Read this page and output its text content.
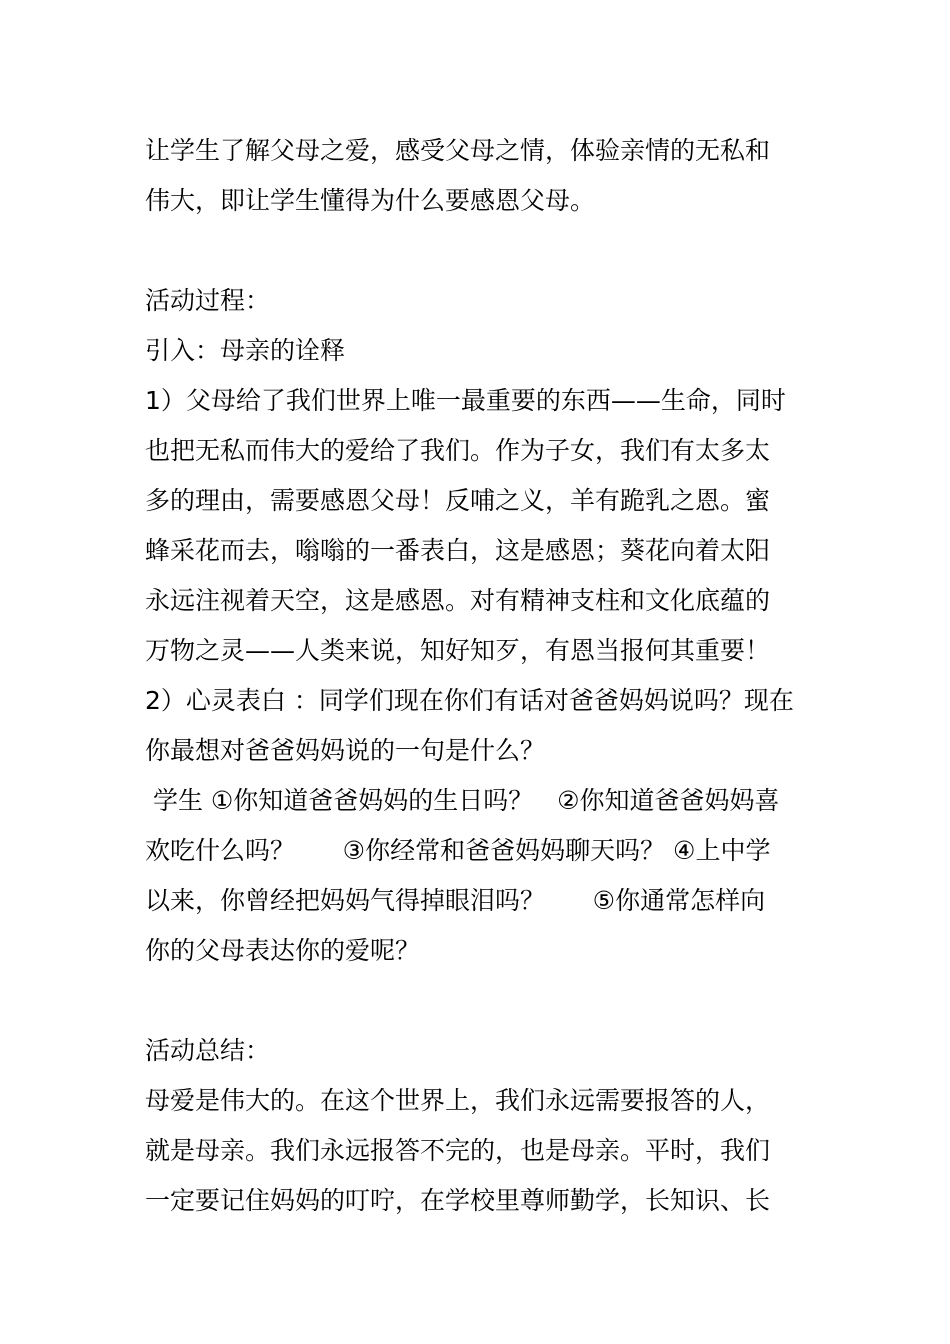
让学生了解父母之爱，感受父母之情，体验亲情的无私和
伟大，即让学生懂得为什么要感恩父母。
活动过程：
引入：母亲的诠释
1）父母给了我们世界上唯一最重要的东西——生命，同时
也把无私而伟大的爱给了我们。作为子女，我们有太多太
多的理由，需要感恩父母！反哺之义，羊有跪乳之恩。蜜
蜂采花而去，嗡嗡的一番表白，这是感恩；葵花向着太阳
永远注视着天空，这是感恩。对有精神支柱和文化底蕴的
万物之灵——人类来说，知好知歹，有恩当报何其重要！
2）心灵表白 ：同学们现在你们有话对爸爸妈妈说吗？现在
你最想对爸爸妈妈说的一句是什么？
学生 ①你知道爸爸妈妈的生日吗？   ②你知道爸爸妈妈喜
欢吃什么吗？      ③你经常和爸爸妈妈聊天吗？ ④上中学
以来，你曾经把妈妈气得掉眼泪吗？      ⑤你通常怎样向
你的父母表达你的爱呢？
活动总结：
母爱是伟大的。在这个世界上，我们永远需要报答的人，
就是母亲。我们永远报答不完的，也是母亲。平时，我们
一定要记住妈妈的叮咛，在学校里尊师勤学，长知识、长
